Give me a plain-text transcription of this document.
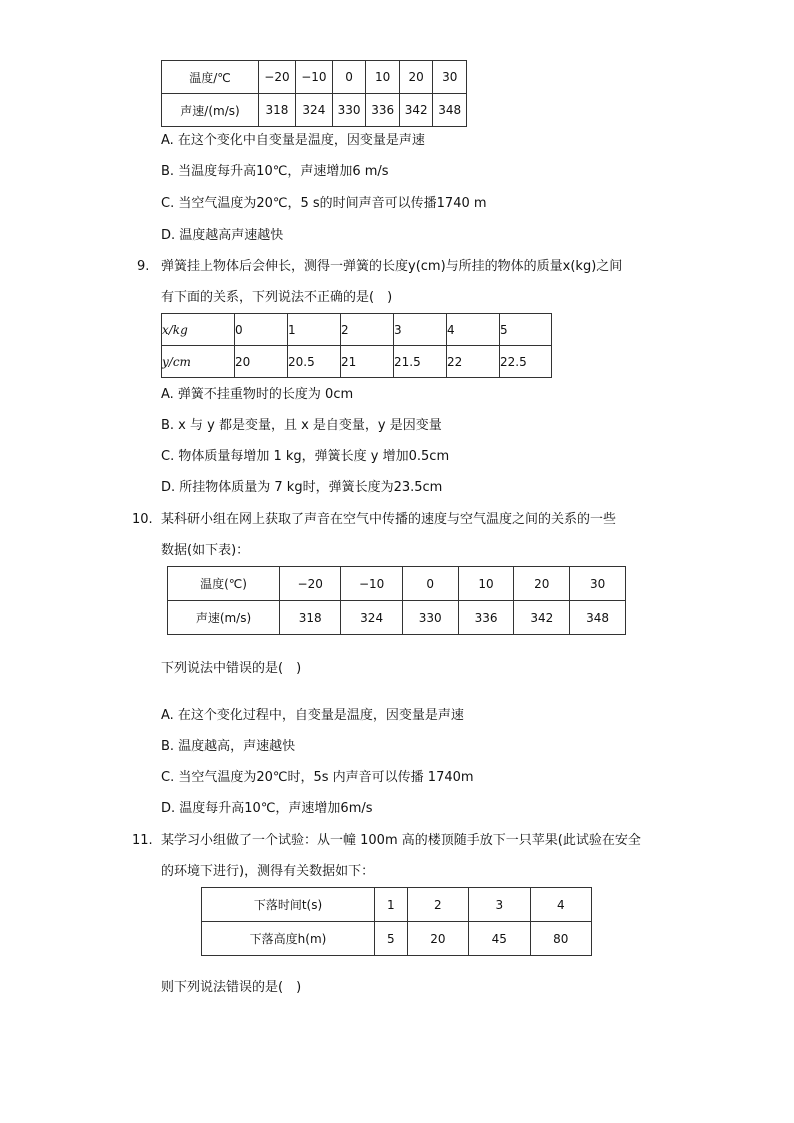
温度/℃	−20	−10	0	10	20	30
声速/(m/s)	318	324	330	336	342	348
A. 在这个变化中自变量是温度，因变量是声速
B. 当温度每升高10℃，声速增加6 m/s
C. 当空气温度为20℃，5 s的时间声音可以传播1740 m
D. 温度越高声速越快
9. 弹簧挂上物体后会伸长，测得一弹簧的长度y(cm)与所挂的物体的质量x(kg)之间
有下面的关系，下列说法不正确的是(　)
x/kg	0	1	2	3	4	5
y/cm	20	20.5	21	21.5	22	22.5
A. 弹簧不挂重物时的长度为 0cm
B. x 与 y 都是变量，且 x 是自变量，y 是因变量
C. 物体质量每增加 1 kg，弹簧长度 y 增加0.5cm
D. 所挂物体质量为 7 kg时，弹簧长度为23.5cm
10. 某科研小组在网上获取了声音在空气中传播的速度与空气温度之间的关系的一些
数据(如下表)：
温度(℃)	−20	−10	0	10	20	30
声速(m/s)	318	324	330	336	342	348
下列说法中错误的是(　)
A. 在这个变化过程中，自变量是温度，因变量是声速
B. 温度越高，声速越快
C. 当空气温度为20℃时，5s 内声音可以传播 1740m
D. 温度每升高10℃，声速增加6m/s
11. 某学习小组做了一个试验：从一幢 100m 高的楼顶随手放下一只苹果(此试验在安全
的环境下进行)，测得有关数据如下：
下落时间t(s)	1	2	3	4
下落高度h(m)	5	20	45	80
则下列说法错误的是(　)
